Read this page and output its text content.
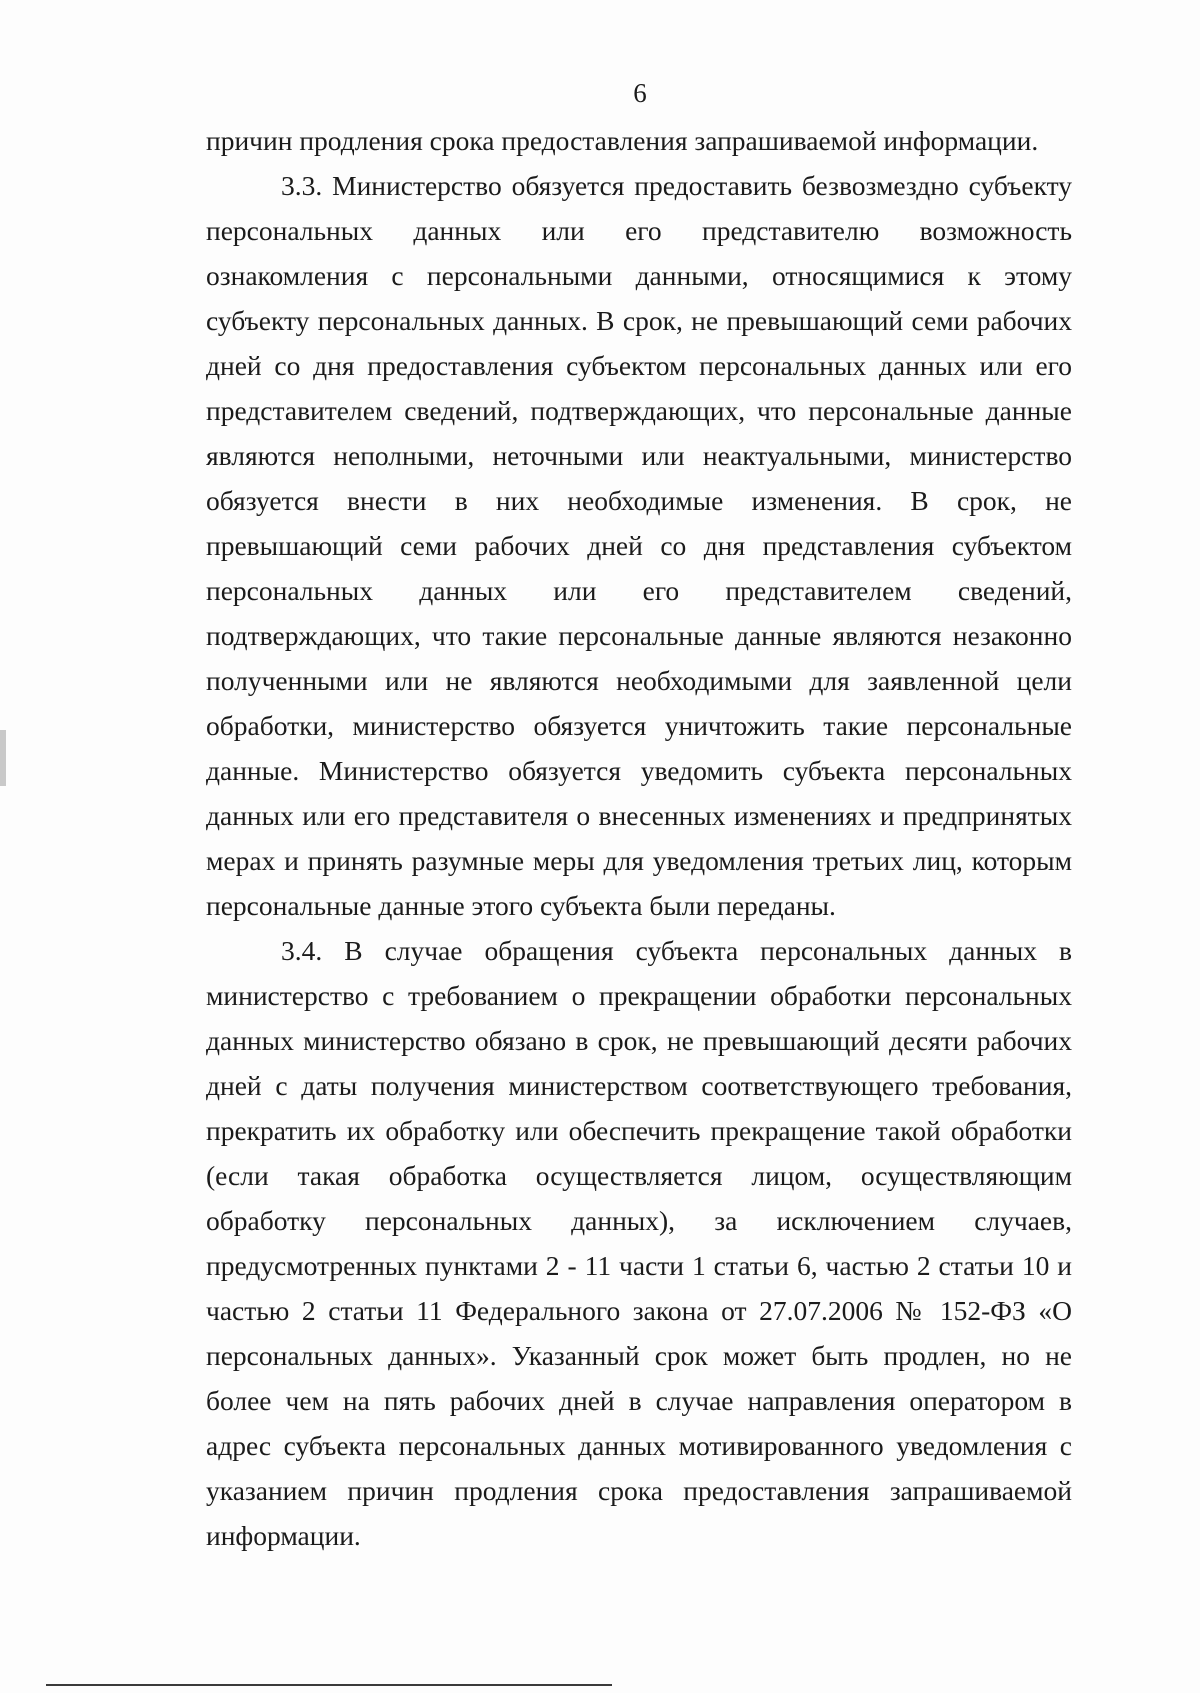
6

причин продления срока предоставления запрашиваемой информации.

3.3. Министерство обязуется предоставить безвозмездно субъекту персональных данных или его представителю возможность ознакомления с персональными данными, относящимися к этому субъекту персональных данных. В срок, не превышающий семи рабочих дней со дня предоставления субъектом персональных данных или его представителем сведений, подтверждающих, что персональные данные являются неполными, неточными или неактуальными, министерство обязуется внести в них необходимые изменения. В срок, не превышающий семи рабочих дней со дня представления субъектом персональных данных или его представителем сведений, подтверждающих, что такие персональные данные являются незаконно полученными или не являются необходимыми для заявленной цели обработки, министерство обязуется уничтожить такие персональные данные. Министерство обязуется уведомить субъекта персональных данных или его представителя о внесенных изменениях и предпринятых мерах и принять разумные меры для уведомления третьих лиц, которым персональные данные этого субъекта были переданы.

3.4. В случае обращения субъекта персональных данных в министерство с требованием о прекращении обработки персональных данных министерство обязано в срок, не превышающий десяти рабочих дней с даты получения министерством соответствующего требования, прекратить их обработку или обеспечить прекращение такой обработки (если такая обработка осуществляется лицом, осуществляющим обработку персональных данных), за исключением случаев, предусмотренных пунктами 2 - 11 части 1 статьи 6, частью 2 статьи 10 и частью 2 статьи 11 Федерального закона от 27.07.2006 № 152-ФЗ «О персональных данных». Указанный срок может быть продлен, но не более чем на пять рабочих дней в случае направления оператором в адрес субъекта персональных данных мотивированного уведомления с указанием причин продления срока предоставления запрашиваемой информации.
